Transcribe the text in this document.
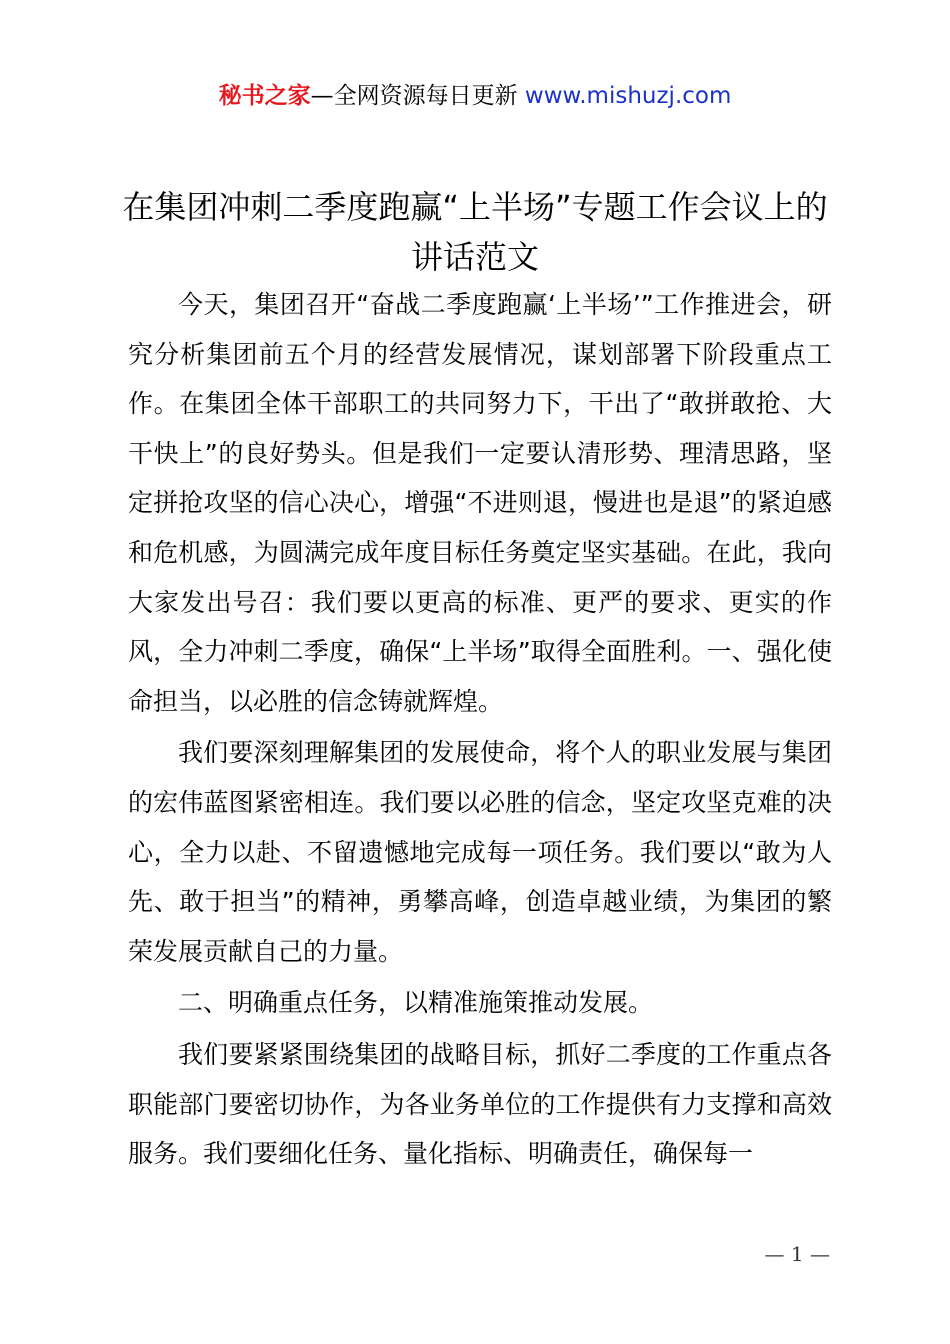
秘书之家—全网资源每日更新 www.mishuzj.com
在集团冲刺二季度跑赢“上半场”专题工作会议上的讲话范文

今天，集团召开“奋战二季度跑赢‘上半场’”工作推进会，研究分析集团前五个月的经营发展情况，谋划部署下阶段重点工作。在集团全体干部职工的共同努力下，干出了“敢拼敢抢、大干快上”的良好势头。但是我们一定要认清形势、理清思路，坚定拼抢攻坚的信心决心，增强“不进则退，慢进也是退”的紧迫感和危机感，为圆满完成年度目标任务奠定坚实基础。在此，我向大家发出号召：我们要以更高的标准、更严的要求、更实的作风，全力冲刺二季度，确保“上半场”取得全面胜利。一、强化使命担当，以必胜的信念铸就辉煌。

我们要深刻理解集团的发展使命，将个人的职业发展与集团的宏伟蓝图紧密相连。我们要以必胜的信念，坚定攻坚克难的决心，全力以赴、不留遗憾地完成每一项任务。我们要以“敢为人先、敢于担当”的精神，勇攀高峰，创造卓越业绩，为集团的繁荣发展贡献自己的力量。

二、明确重点任务，以精准施策推动发展。

我们要紧紧围绕集团的战略目标，抓好二季度的工作重点各职能部门要密切协作，为各业务单位的工作提供有力支撑和高效服务。我们要细化任务、量化指标、明确责任，确保每一

— 1 —
